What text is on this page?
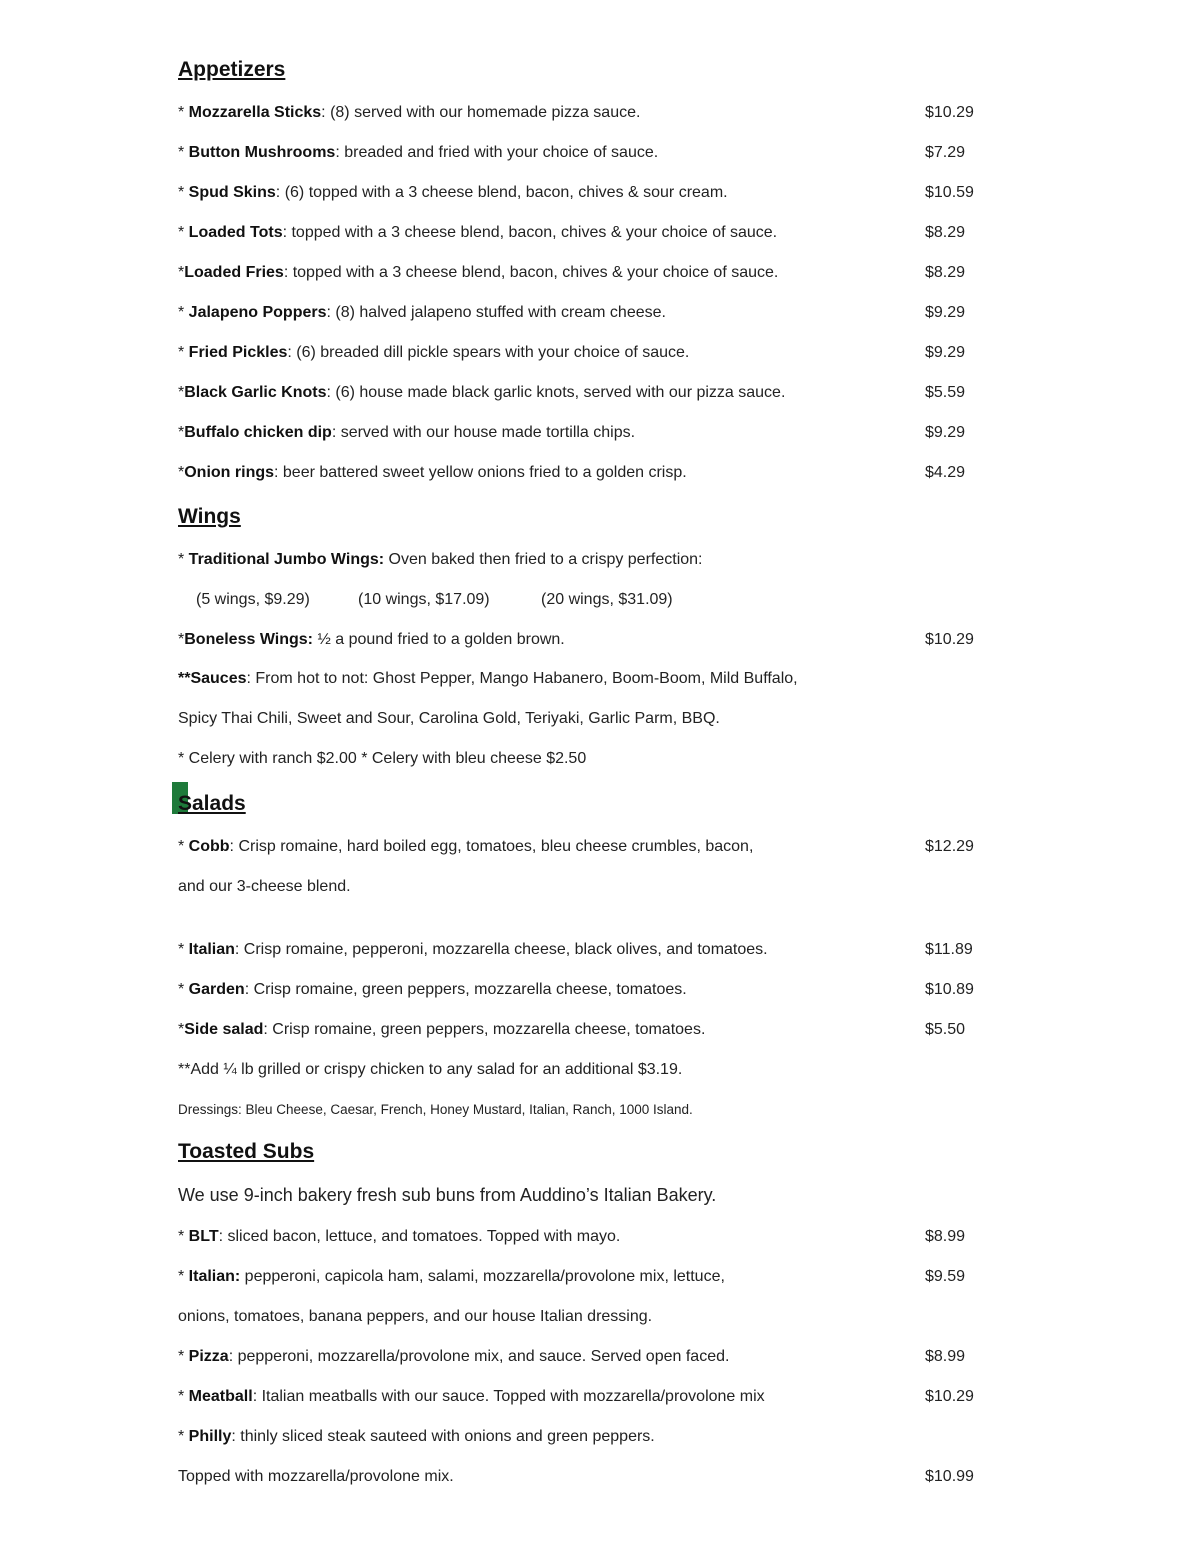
Appetizers
* Mozzarella Sticks: (8) served with our homemade pizza sauce.	$10.29
* Button Mushrooms: breaded and fried with your choice of sauce.	$7.29
* Spud Skins: (6) topped with a 3 cheese blend, bacon, chives & sour cream.	$10.59
* Loaded Tots: topped with a 3 cheese blend, bacon, chives & your choice of sauce.	$8.29
*Loaded Fries: topped with a 3 cheese blend, bacon, chives & your choice of sauce.	$8.29
* Jalapeno Poppers: (8) halved jalapeno stuffed with cream cheese.	$9.29
* Fried Pickles: (6) breaded dill pickle spears with your choice of sauce.	$9.29
*Black Garlic Knots: (6) house made black garlic knots, served with our pizza sauce.	$5.59
*Buffalo chicken dip: served with our house made tortilla chips.	$9.29
*Onion rings: beer battered sweet yellow onions fried to a golden crisp.	$4.29
Wings
* Traditional Jumbo Wings: Oven baked then fried to a crispy perfection:
(5 wings, $9.29)	(10 wings, $17.09)	(20 wings, $31.09)
*Boneless Wings: ½ a pound fried to a golden brown.	$10.29
**Sauces: From hot to not: Ghost Pepper, Mango Habanero, Boom-Boom, Mild Buffalo,
Spicy Thai Chili, Sweet and Sour, Carolina Gold, Teriyaki, Garlic Parm, BBQ.
* Celery with ranch $2.00 * Celery with bleu cheese $2.50
Salads
* Cobb: Crisp romaine, hard boiled egg, tomatoes, bleu cheese crumbles, bacon,	$12.29
and our 3-cheese blend.
* Italian: Crisp romaine, pepperoni, mozzarella cheese, black olives, and tomatoes.	$11.89
* Garden: Crisp romaine, green peppers, mozzarella cheese, tomatoes.	$10.89
*Side salad: Crisp romaine, green peppers, mozzarella cheese, tomatoes.	$5.50
**Add ¼ lb grilled or crispy chicken to any salad for an additional $3.19.
Dressings: Bleu Cheese, Caesar, French, Honey Mustard, Italian, Ranch, 1000 Island.
Toasted Subs
We use 9-inch bakery fresh sub buns from Auddino’s Italian Bakery.
* BLT: sliced bacon, lettuce, and tomatoes. Topped with mayo.	$8.99
* Italian: pepperoni, capicola ham, salami, mozzarella/provolone mix, lettuce,	$9.59
onions, tomatoes, banana peppers, and our house Italian dressing.
* Pizza: pepperoni, mozzarella/provolone mix, and sauce. Served open faced.	$8.99
* Meatball: Italian meatballs with our sauce. Topped with mozzarella/provolone mix	$10.29
* Philly: thinly sliced steak sauteed with onions and green peppers.
Topped with mozzarella/provolone mix.	$10.99
